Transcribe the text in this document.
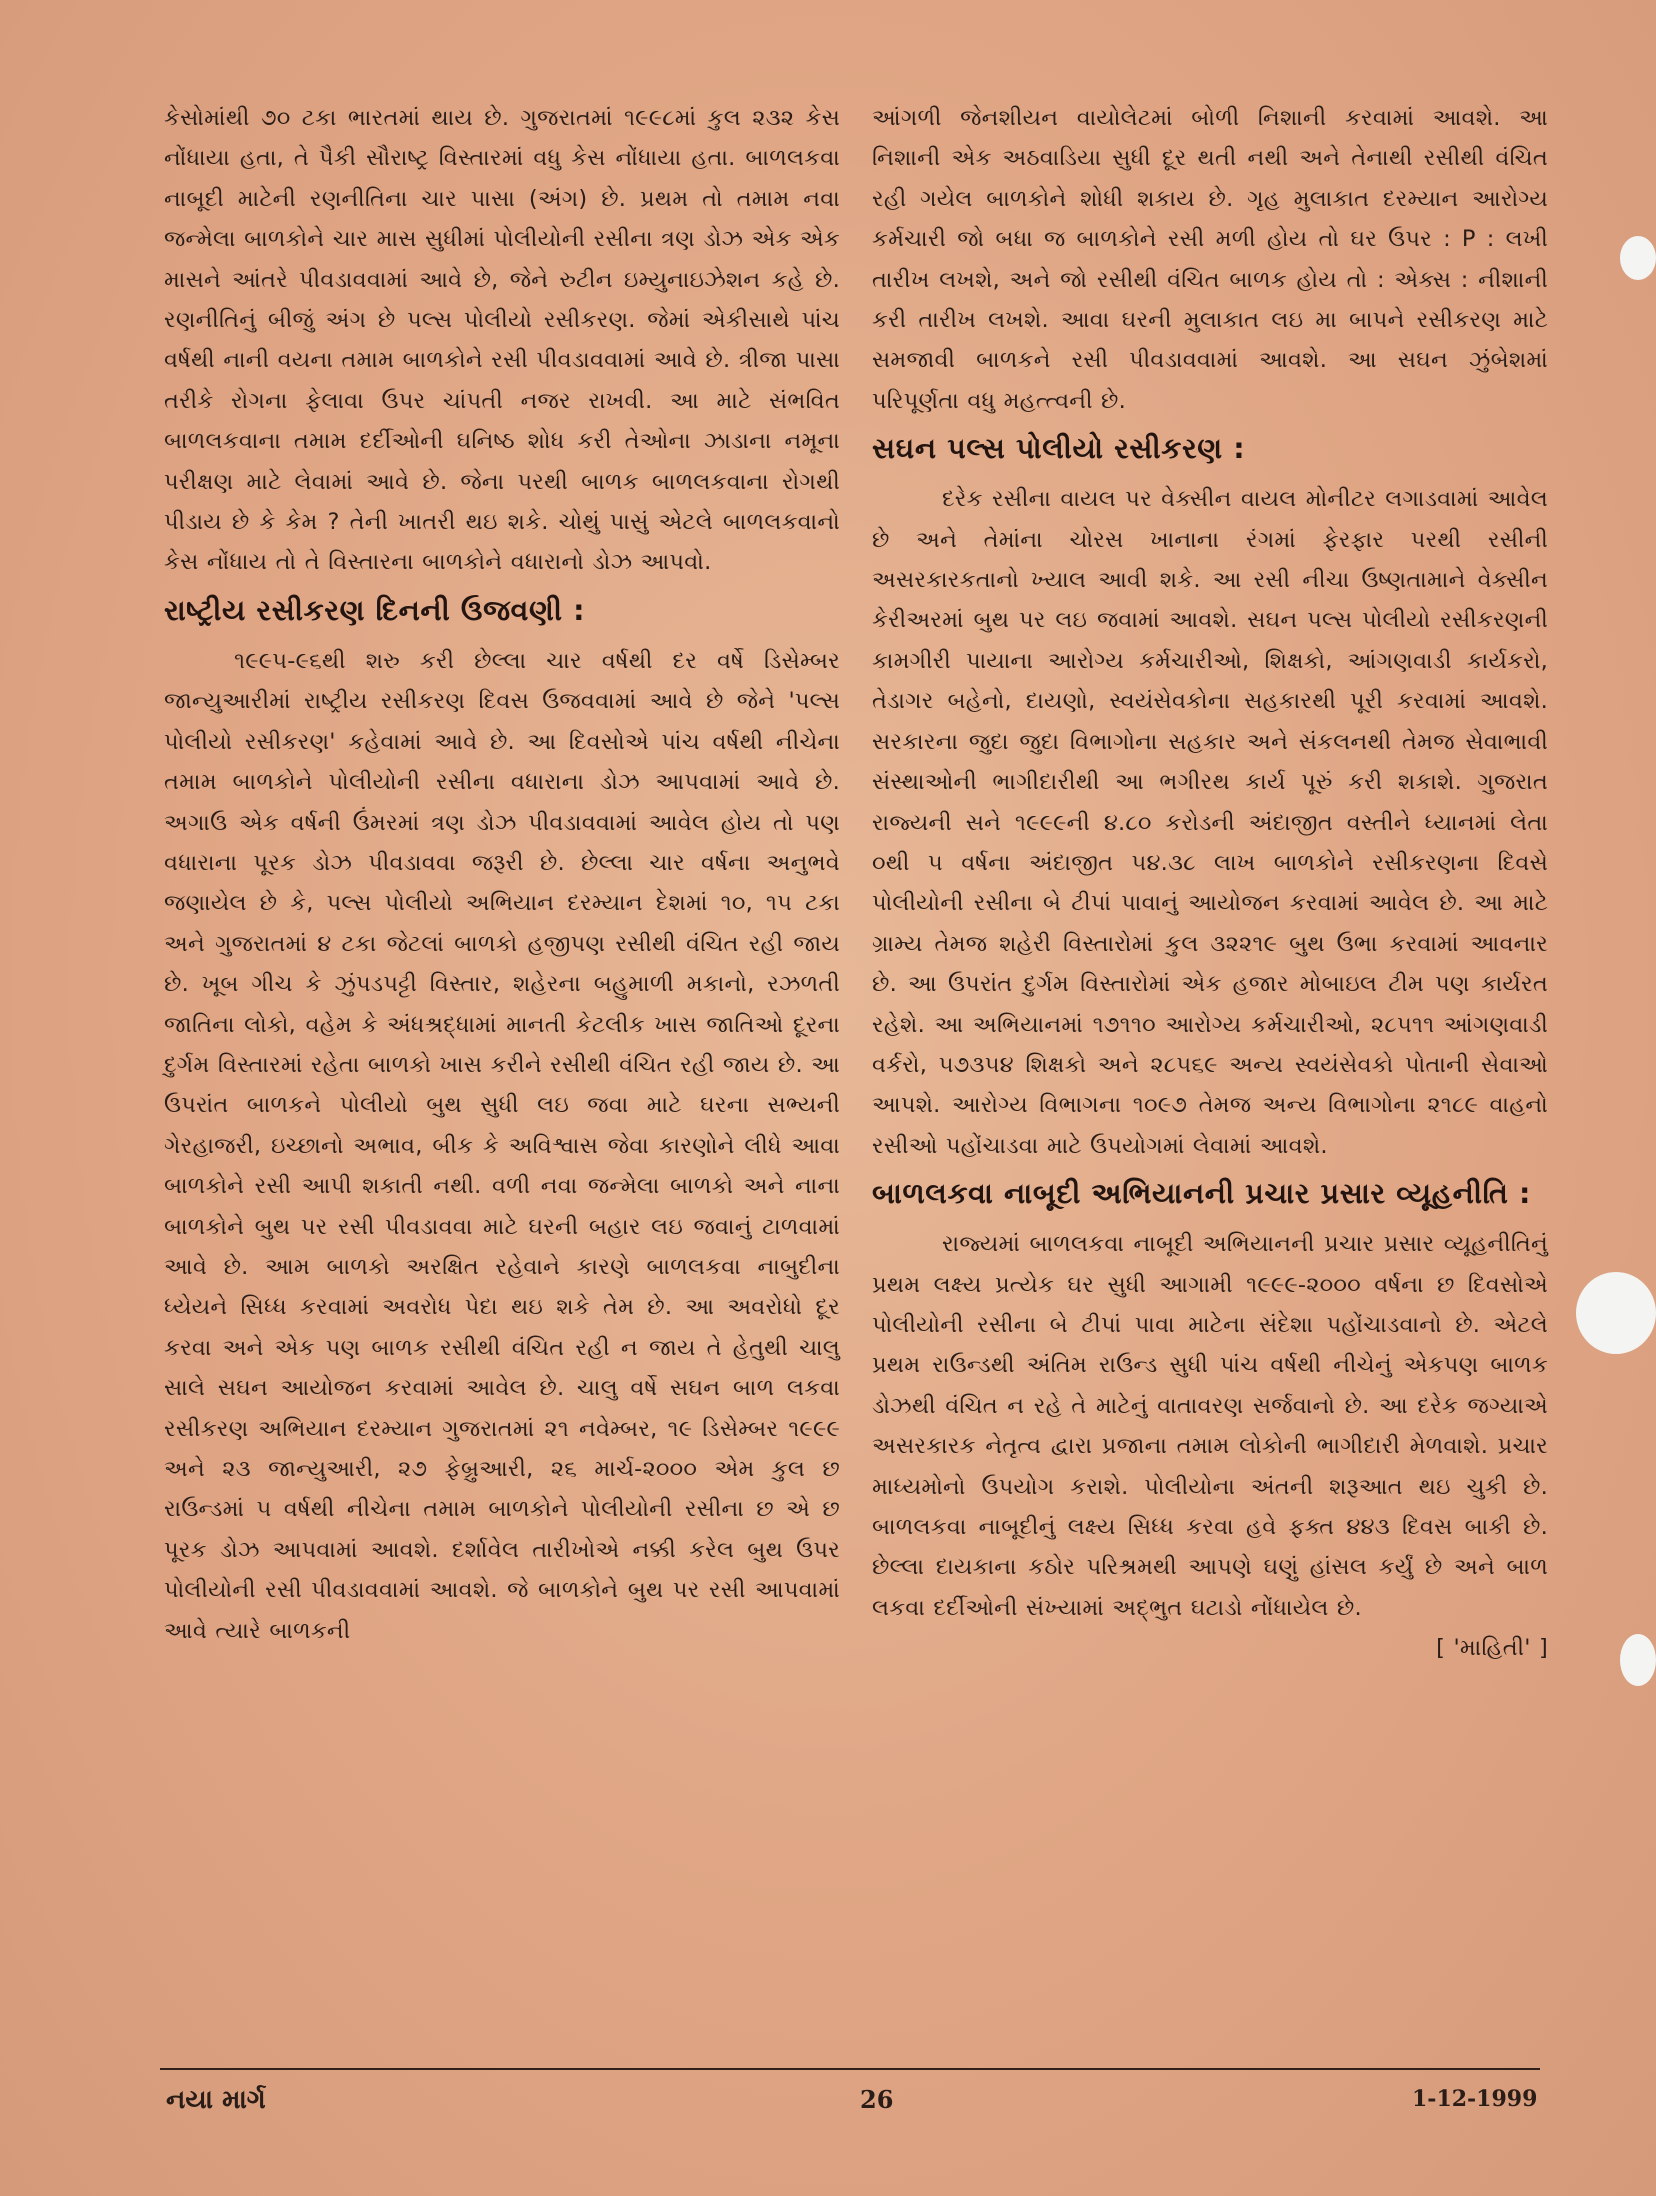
કેસોમાંથી ૭૦ ટકા ભારતમાં થાય છે. ગુજરાતમાં ૧૯૯૮માં કુલ ૨૩૨ કેસ નોંધાયા હતા, તે પૈકી સૌરાષ્ટ્ર વિસ્તારમાં વધુ કેસ નોંધાયા હતા. બાળલકવા નાબૂદી માટેની રણનીતિના ચાર પાસા (અંગ) છે. પ્રથમ તો તમામ નવા જન્મેલા બાળકોને ચાર માસ સુધીમાં પોલીયોની રસીના ત્રણ ડોઝ એક એક માસને આંતરે પીવડાવવામાં આવે છે, જેને રુટીન ઇમ્યુનાઇઝેશન કહે છે. રણનીતિનું બીજું અંગ છે પલ્સ પોલીયો રસીકરણ. જેમાં એકીસાથે પાંચ વર્ષથી નાની વયના તમામ બાળકોને રસી પીવડાવવામાં આવે છે. ત્રીજા પાસા તરીકે રોગના ફેલાવા ઉપર ચાંપતી નજર રાખવી. આ માટે સંભવિત બાળલકવાના તમામ દર્દીઓની ઘનિષ્ઠ શોધ કરી તેઓના ઝાડાના નમૂના પરીક્ષણ માટે લેવામાં આવે છે. જેના પરથી બાળક બાળલકવાના રોગથી પીડાય છે કે કેમ ? તેની ખાતરી થઇ શકે. ચોથું પાસું એટલે બાળલકવાનો કેસ નોંધાય તો તે વિસ્તારના બાળકોને વધારાનો ડોઝ આપવો.

રાષ્ટ્રીય રસીકરણ દિનની ઉજવણી :

૧૯૯૫-૯૬થી શરુ કરી છેલ્લા ચાર વર્ષથી દર વર્ષે ડિસેમ્બર જાન્યુઆરીમાં રાષ્ટ્રીય રસીકરણ દિવસ ઉજવવામાં આવે છે જેને 'પલ્સ પોલીયો રસીકરણ' કહેવામાં આવે છે. આ દિવસોએ પાંચ વર્ષથી નીચેના તમામ બાળકોને પોલીયોની રસીના વધારાના ડોઝ આપવામાં આવે છે. અગાઉ એક વર્ષની ઉંમરમાં ત્રણ ડોઝ પીવડાવવામાં આવેલ હોય તો પણ વધારાના પૂરક ડોઝ પીવડાવવા જરૂરી છે. છેલ્લા ચાર વર્ષના અનુભવે જણાયેલ છે કે, પલ્સ પોલીયો અભિયાન દરમ્યાન દેશમાં ૧૦, ૧૫ ટકા અને ગુજરાતમાં ૪ ટકા જેટલાં બાળકો હજીપણ રસીથી વંચિત રહી જાય છે. ખૂબ ગીચ કે ઝુંપડપટ્ટી વિસ્તાર, શહેરના બહુમાળી મકાનો, રઝળતી જાતિના લોકો, વહેમ કે અંધશ્રદ્ધામાં માનતી કેટલીક ખાસ જાતિઓ દૂરના દુર્ગમ વિસ્તારમાં રહેતા બાળકો ખાસ કરીને રસીથી વંચિત રહી જાય છે. આ ઉપરાંત બાળકને પોલીયો બુથ સુધી લઇ જવા માટે ઘરના સભ્યની ગેરહાજરી, ઇચ્છાનો અભાવ, બીક કે અવિશ્વાસ જેવા કારણોને લીધે આવા બાળકોને રસી આપી શકાતી નથી. વળી નવા જન્મેલા બાળકો અને નાના બાળકોને બુથ પર રસી પીવડાવવા માટે ઘરની બહાર લઇ જવાનું ટાળવામાં આવે છે. આમ બાળકો અરક્ષિત રહેવાને કારણે બાળલકવા નાબુદીના ધ્યેયને સિધ્ધ કરવામાં અવરોધ પેદા થઇ શકે તેમ છે. આ અવરોધો દૂર કરવા અને એક પણ બાળક રસીથી વંચિત રહી ન જાય તે હેતુથી ચાલુ સાલે સઘન આયોજન કરવામાં આવેલ છે. ચાલુ વર્ષે સઘન બાળ લકવા રસીકરણ અભિયાન દરમ્યાન ગુજરાતમાં ૨૧ નવેમ્બર, ૧૯ ડિસેમ્બર ૧૯૯૯ અને ૨૩ જાન્યુઆરી, ૨૭ ફેબ્રુઆરી, ૨૬ માર્ચ-૨૦૦૦ એમ કુલ છ રાઉન્ડમાં ૫ વર્ષથી નીચેના તમામ બાળકોને પોલીયોની રસીના છ એ છ પૂરક ડોઝ આપવામાં આવશે. દર્શાવેલ તારીખોએ નક્કી કરેલ બુથ ઉપર પોલીયોની રસી પીવડાવવામાં આવશે. જે બાળકોને બુથ પર રસી આપવામાં આવે ત્યારે બાળકની

આંગળી જેનશીયન વાયોલેટમાં બોળી નિશાની કરવામાં આવશે. આ નિશાની એક અઠવાડિયા સુધી દૂર થતી નથી અને તેનાથી રસીથી વંચિત રહી ગયેલ બાળકોને શોધી શકાય છે. ગૃહ મુલાકાત દરમ્યાન આરોગ્ય કર્મચારી જો બધા જ બાળકોને રસી મળી હોય તો ઘર ઉપર : P : લખી તારીખ લખશે, અને જો રસીથી વંચિત બાળક હોય તો : એક્સ : નીશાની કરી તારીખ લખશે. આવા ઘરની મુલાકાત લઇ મા બાપને રસીકરણ માટે સમજાવી બાળકને રસી પીવડાવવામાં આવશે. આ સઘન ઝુંબેશમાં પરિપૂર્ણતા વધુ મહત્ત્વની છે.

સઘન પલ્સ પોલીયો રસીકરણ :

દરેક રસીના વાયલ પર વેક્સીન વાયલ મોનીટર લગાડવામાં આવેલ છે અને તેમાંના ચોરસ ખાનાના રંગમાં ફેરફાર પરથી રસીની અસરકારકતાનો ખ્યાલ આવી શકે. આ રસી નીચા ઉષ્ણતામાને વેક્સીન કેરીઅરમાં બુથ પર લઇ જવામાં આવશે. સઘન પલ્સ પોલીયો રસીકરણની કામગીરી પાયાના આરોગ્ય કર્મચારીઓ, શિક્ષકો, આંગણવાડી કાર્યકરો, તેડાગર બહેનો, દાયણો, સ્વયંસેવકોના સહકારથી પૂરી કરવામાં આવશે. સરકારના જુદા જુદા વિભાગોના સહકાર અને સંકલનથી તેમજ સેવાભાવી સંસ્થાઓની ભાગીદારીથી આ ભગીરથ કાર્ય પૂરું કરી શકાશે. ગુજરાત રાજ્યની સને ૧૯૯૯ની ૪.૮૦ કરોડની અંદાજીત વસ્તીને ધ્યાનમાં લેતા ૦થી ૫ વર્ષના અંદાજીત ૫૪.૩૮ લાખ બાળકોને રસીકરણના દિવસે પોલીયોની રસીના બે ટીપાં પાવાનું આયોજન કરવામાં આવેલ છે. આ માટે ગ્રામ્ય તેમજ શહેરી વિસ્તારોમાં કુલ ૩૨૨૧૯ બુથ ઉભા કરવામાં આવનાર છે. આ ઉપરાંત દુર્ગમ વિસ્તારોમાં એક હજાર મોબાઇલ ટીમ પણ કાર્યરત રહેશે. આ અભિયાનમાં ૧૭૧૧૦ આરોગ્ય કર્મચારીઓ, ૨૮૫૧૧ આંગણવાડી વર્કરો, ૫૭૩૫૪ શિક્ષકો અને ૨૮૫૬૯ અન્ય સ્વયંસેવકો પોતાની સેવાઓ આપશે. આરોગ્ય વિભાગના ૧૦૯૭ તેમજ અન્ય વિભાગોના ૨૧૮૯ વાહનો રસીઓ પહોંચાડવા માટે ઉપયોગમાં લેવામાં આવશે.

બાળલકવા નાબૂદી અભિયાનની પ્રચાર પ્રસાર વ્યૂહનીતિ :

રાજ્યમાં બાળલકવા નાબૂદી અભિયાનની પ્રચાર પ્રસાર વ્યૂહનીતિનું પ્રથમ લક્ષ્ય પ્રત્યેક ઘર સુધી આગામી ૧૯૯૯-૨૦૦૦ વર્ષના છ દિવસોએ પોલીયોની રસીના બે ટીપાં પાવા માટેના સંદેશા પહોંચાડવાનો છે. એટલે પ્રથમ રાઉન્ડથી અંતિમ રાઉન્ડ સુધી પાંચ વર્ષથી નીચેનું એકપણ બાળક ડોઝથી વંચિત ન રહે તે માટેનું વાતાવરણ સર્જવાનો છે. આ દરેક જગ્યાએ અસરકારક નેતૃત્વ દ્વારા પ્રજાના તમામ લોકોની ભાગીદારી મેળવાશે. પ્રચાર માધ્યમોનો ઉપયોગ કરાશે. પોલીયોના અંતની શરૂઆત થઇ ચુકી છે. બાળલકવા નાબૂદીનું લક્ષ્ય સિધ્ધ કરવા હવે ફક્ત ૪૪૩ દિવસ બાકી છે. છેલ્લા દાયકાના કઠોર પરિશ્રમથી આપણે ઘણું હાંસલ કર્યું છે અને બાળ લકવા દર્દીઓની સંખ્યામાં અદ્ભુત ઘટાડો નોંધાયેલ છે.
[ 'માહિતી' ]

નયા માર્ગ	26	1-12-1999
